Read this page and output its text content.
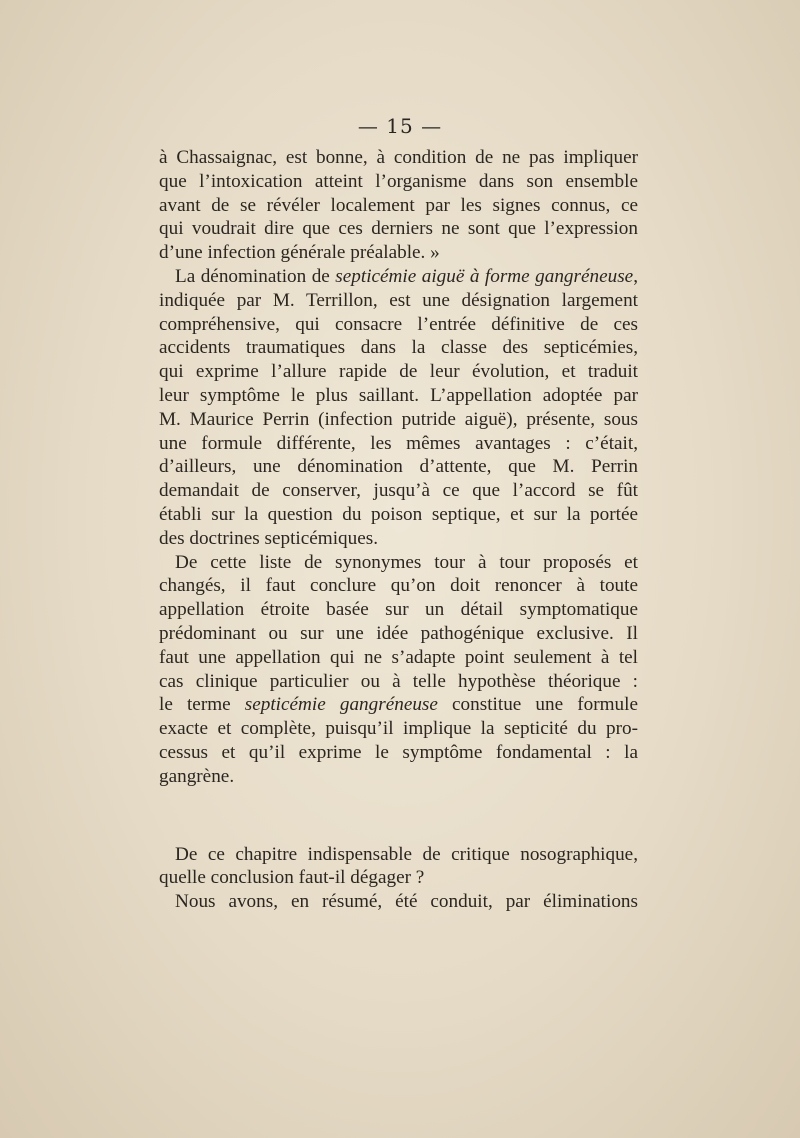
— 15 —
à Chassaignac, est bonne, à condition de ne pas impliquer
que l’intoxication atteint l’organisme dans son ensemble
avant de se révéler localement par les signes connus, ce
qui voudrait dire que ces derniers ne sont que l’expression
d’une infection générale préalable. »
La dénomination de septicémie aiguë à forme gangréneuse,
indiquée par M. Terrillon, est une désignation largement
compréhensive, qui consacre l’entrée définitive de ces
accidents traumatiques dans la classe des septicémies,
qui exprime l’allure rapide de leur évolution, et traduit
leur symptôme le plus saillant. L’appellation adoptée par
M. Maurice Perrin (infection putride aiguë), présente, sous
une formule différente, les mêmes avantages : c’était,
d’ailleurs, une dénomination d’attente, que M. Perrin
demandait de conserver, jusqu’à ce que l’accord se fût
établi sur la question du poison septique, et sur la portée
des doctrines septicémiques.
De cette liste de synonymes tour à tour proposés et
changés, il faut conclure qu’on doit renoncer à toute
appellation étroite basée sur un détail symptomatique
prédominant ou sur une idée pathogénique exclusive. Il
faut une appellation qui ne s’adapte point seulement à tel
cas clinique particulier ou à telle hypothèse théorique :
le terme septicémie gangréneuse constitue une formule
exacte et complète, puisqu’il implique la septicité du pro-
cessus et qu’il exprime le symptôme fondamental : la
gangrène.
De ce chapitre indispensable de critique nosographique,
quelle conclusion faut-il dégager ?
Nous avons, en résumé, été conduit, par éliminations
